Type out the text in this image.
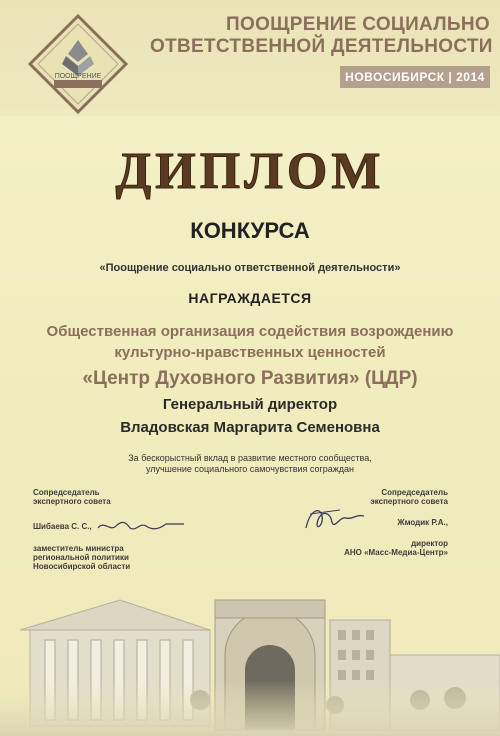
ПООЩРЕНИЕ
ПООЩРЕНИЕ СОЦИАЛЬНО
ОТВЕТСТВЕННОЙ ДЕЯТЕЛЬНОСТИ
НОВОСИБИРСК | 2014
ДИПЛОМ
КОНКУРСА
«Поощрение социально ответственной деятельности»
НАГРАЖДАЕТСЯ
Общественная организация содействия возрождению
культурно-нравственных ценностей
«Центр Духовного Развития» (ЦДР)
Генеральный директор
Владовская Маргарита Семеновна
За бескорыстный вклад в развитие местного сообщества,
улучшение социального самочувствия сограждан
Сопредседатель
экспертного совета
Шибаева С. С.,
заместитель министра
региональной политики
Новосибирской области
Сопредседатель
экспертного совета
Жмодик Р.А.,
директор
АНО «Масс-Медиа-Центр»
